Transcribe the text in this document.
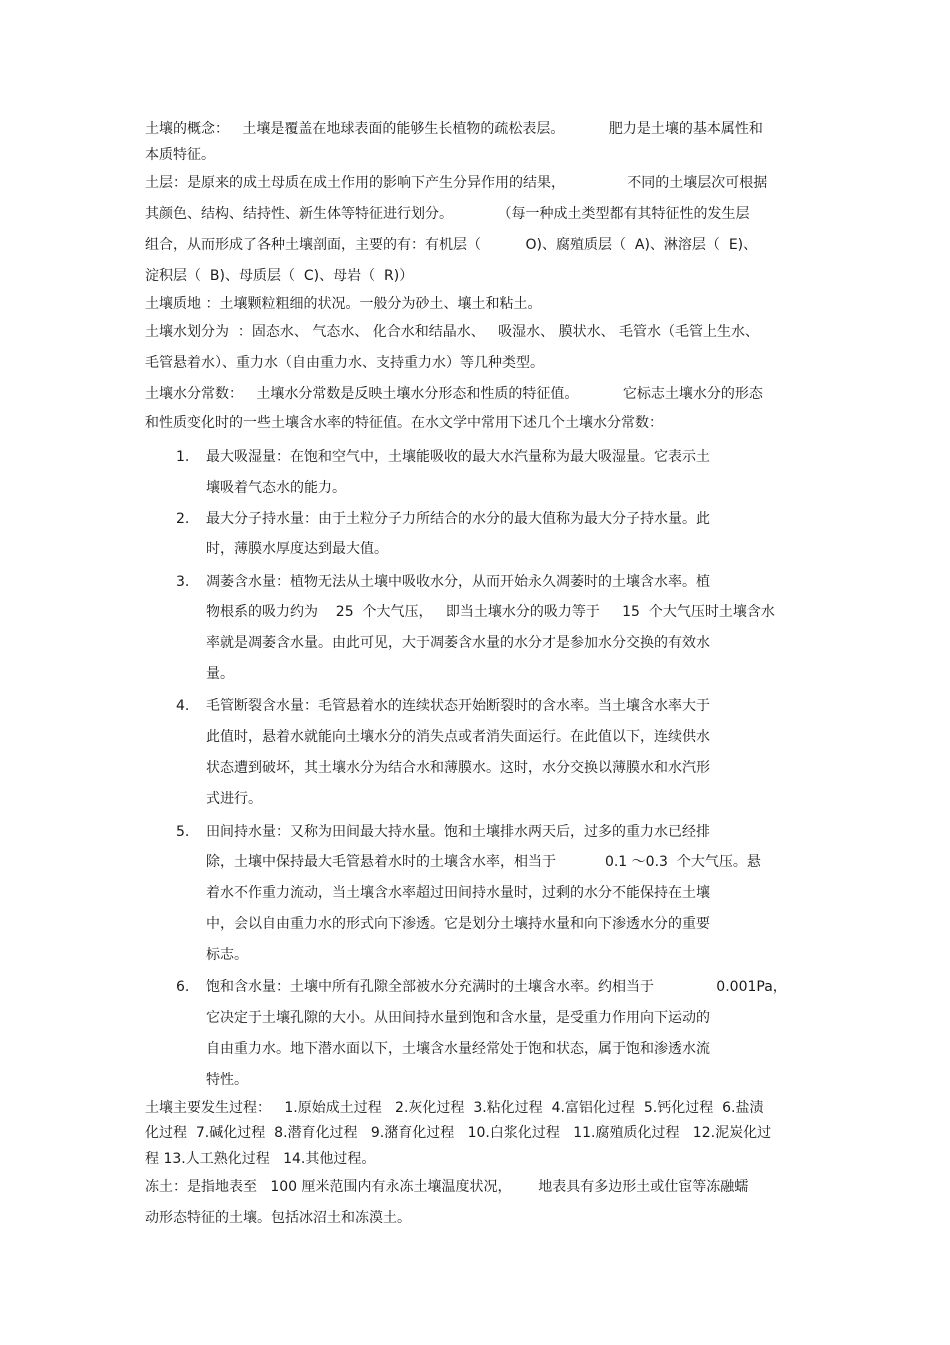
土壤的概念：   土壤是覆盖在地球表面的能够生长植物的疏松表层。          肥力是土壤的基本属性和
本质特征。
土层：是原来的成土母质在成土作用的影响下产生分异作用的结果，              不同的土壤层次可根据
其颜色、结构、结持性、新生体等特征进行划分。          （每一种成土类型都有其特征性的发生层
组合，从而形成了各种土壤剖面，主要的有：有机层（          O)、腐殖质层（  A)、淋溶层（  E)、
淀积层（  B)、母质层（  C)、母岩（  R)）
土壤质地 ：土壤颗粒粗细的状况。一般分为砂土、壤土和粘土。
土壤水划分为  ：固态水、 气态水、 化合水和结晶水、   吸湿水、 膜状水、 毛管水（毛管上生水、
毛管悬着水）、重力水（自由重力水、支持重力水）等几种类型。
土壤水分常数：   土壤水分常数是反映土壤水分形态和性质的特征值。          它标志土壤水分的形态
和性质变化时的一些土壤含水率的特征值。在水文学中常用下述几个土壤水分常数：
1. 最大吸湿量：在饱和空气中，土壤能吸收的最大水汽量称为最大吸湿量。它表示土
壤吸着气态水的能力。
2. 最大分子持水量：由于土粒分子力所结合的水分的最大值称为最大分子持水量。此
时，薄膜水厚度达到最大值。
3. 凋萎含水量：植物无法从土壤中吸收水分，从而开始永久凋萎时的土壤含水率。植
物根系的吸力约为    25  个大气压，   即当土壤水分的吸力等于     15  个大气压时土壤含水
率就是凋萎含水量。由此可见，大于凋萎含水量的水分才是参加水分交换的有效水
量。
4. 毛管断裂含水量：毛管悬着水的连续状态开始断裂时的含水率。当土壤含水率大于
此值时，悬着水就能向土壤水分的消失点或者消失面运行。在此值以下，连续供水
状态遭到破坏，其土壤水分为结合水和薄膜水。这时，水分交换以薄膜水和水汽形
式进行。
5. 田间持水量：又称为田间最大持水量。饱和土壤排水两天后，过多的重力水已经排
除，土壤中保持最大毛管悬着水时的土壤含水率，相当于           0.1 ～0.3  个大气压。悬
着水不作重力流动，当土壤含水率超过田间持水量时，过剩的水分不能保持在土壤
中，会以自由重力水的形式向下渗透。它是划分土壤持水量和向下渗透水分的重要
标志。
6. 饱和含水量：土壤中所有孔隙全部被水分充满时的土壤含水率。约相当于              0.001Pa，
它决定于土壤孔隙的大小。从田间持水量到饱和含水量，是受重力作用向下运动的
自由重力水。地下潜水面以下，土壤含水量经常处于饱和状态，属于饱和渗透水流
特性。
土壤主要发生过程：   1.原始成土过程   2.灰化过程  3.粘化过程  4.富铝化过程  5.钙化过程  6.盐渍
化过程  7.碱化过程  8.潜育化过程   9.潴育化过程   10.白浆化过程   11.腐殖质化过程   12.泥炭化过
程 13.人工熟化过程   14.其他过程。
冻土：是指地表至   100 厘米范围内有永冻土壤温度状况，      地表具有多边形土或仕宦等冻融蠕
动形态特征的土壤。包括冰沼土和冻漠土。
